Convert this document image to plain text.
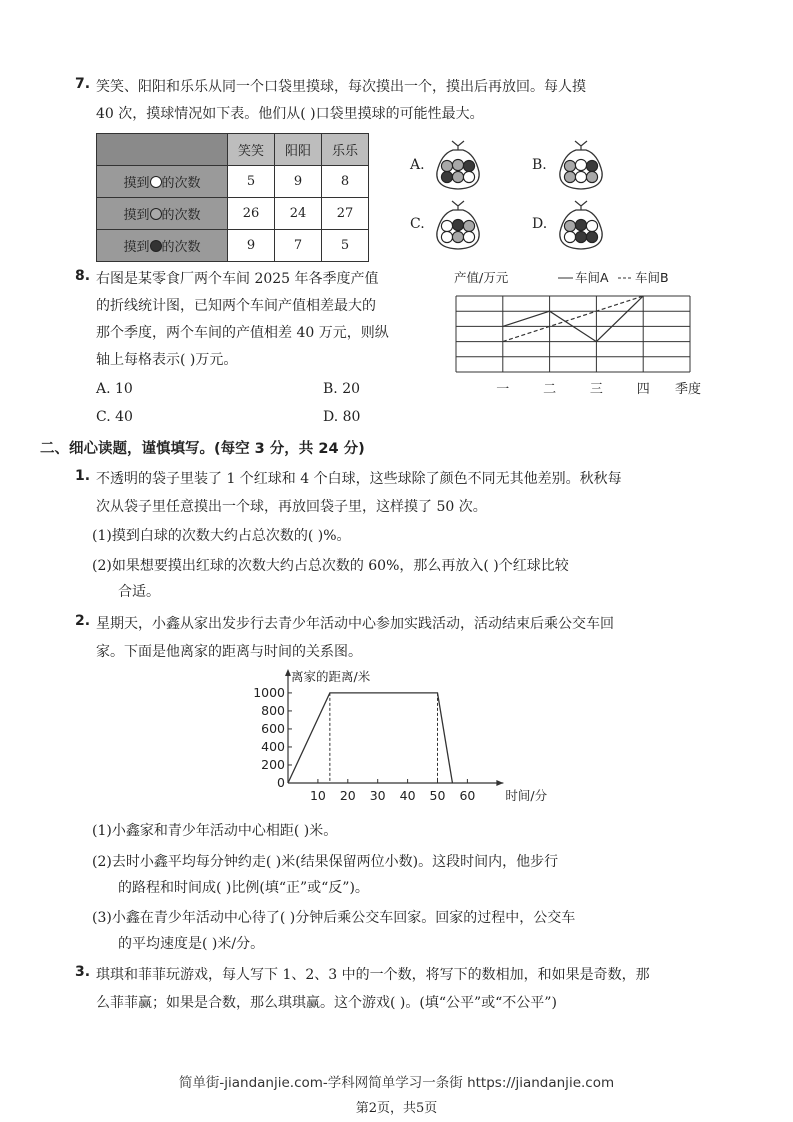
7. 笑笑、阳阳和乐乐从同一个口袋里摸球，每次摸出一个，摸出后再放回。每人摸
40 次，摸球情况如下表。他们从( )口袋里摸球的可能性最大。
	笑笑	阳阳	乐乐
摸到 的次数	5	9	8
摸到 的次数	26	24	27
摸到 的次数	9	7	5
A.	B.
C.	D.
8. 右图是某零食厂两个车间 2025 年各季度产值
的折线统计图，已知两个车间产值相差最大的
那个季度，两个车间的产值相差 40 万元，则纵
轴上每格表示( )万元。
A. 10	B. 20
C. 40	D. 80
产值/万元	车间A 车间B
一	二	三	四 季度
二、细心读题，谨慎填写。(每空 3 分，共 24 分)
1. 不透明的袋子里装了 1 个红球和 4 个白球，这些球除了颜色不同无其他差别。秋秋每
次从袋子里任意摸出一个球，再放回袋子里，这样摸了 50 次。
(1)摸到白球的次数大约占总次数的( )%。
(2)如果想要摸出红球的次数大约占总次数的 60%，那么再放入( )个红球比较
合适。
2. 星期天，小鑫从家出发步行去青少年活动中心参加实践活动，活动结束后乘公交车回
家。下面是他离家的距离与时间的关系图。
离家的距离/米
0
200
400
600
800
1000
10 20 30 40 50 60 时间/分
(1)小鑫家和青少年活动中心相距( )米。
(2)去时小鑫平均每分钟约走( )米(结果保留两位小数)。这段时间内，他步行
的路程和时间成( )比例(填“正”或“反”)。
(3)小鑫在青少年活动中心待了( )分钟后乘公交车回家。回家的过程中，公交车
的平均速度是( )米/分。
3. 琪琪和菲菲玩游戏，每人写下 1、2、3 中的一个数，将写下的数相加，和如果是奇数，那
么菲菲赢；如果是合数，那么琪琪赢。这个游戏( )。(填“公平”或“不公平”)
简单街-jiandanjie.com-学科网简单学习一条街 https://jiandanjie.com
第2页，共5页
